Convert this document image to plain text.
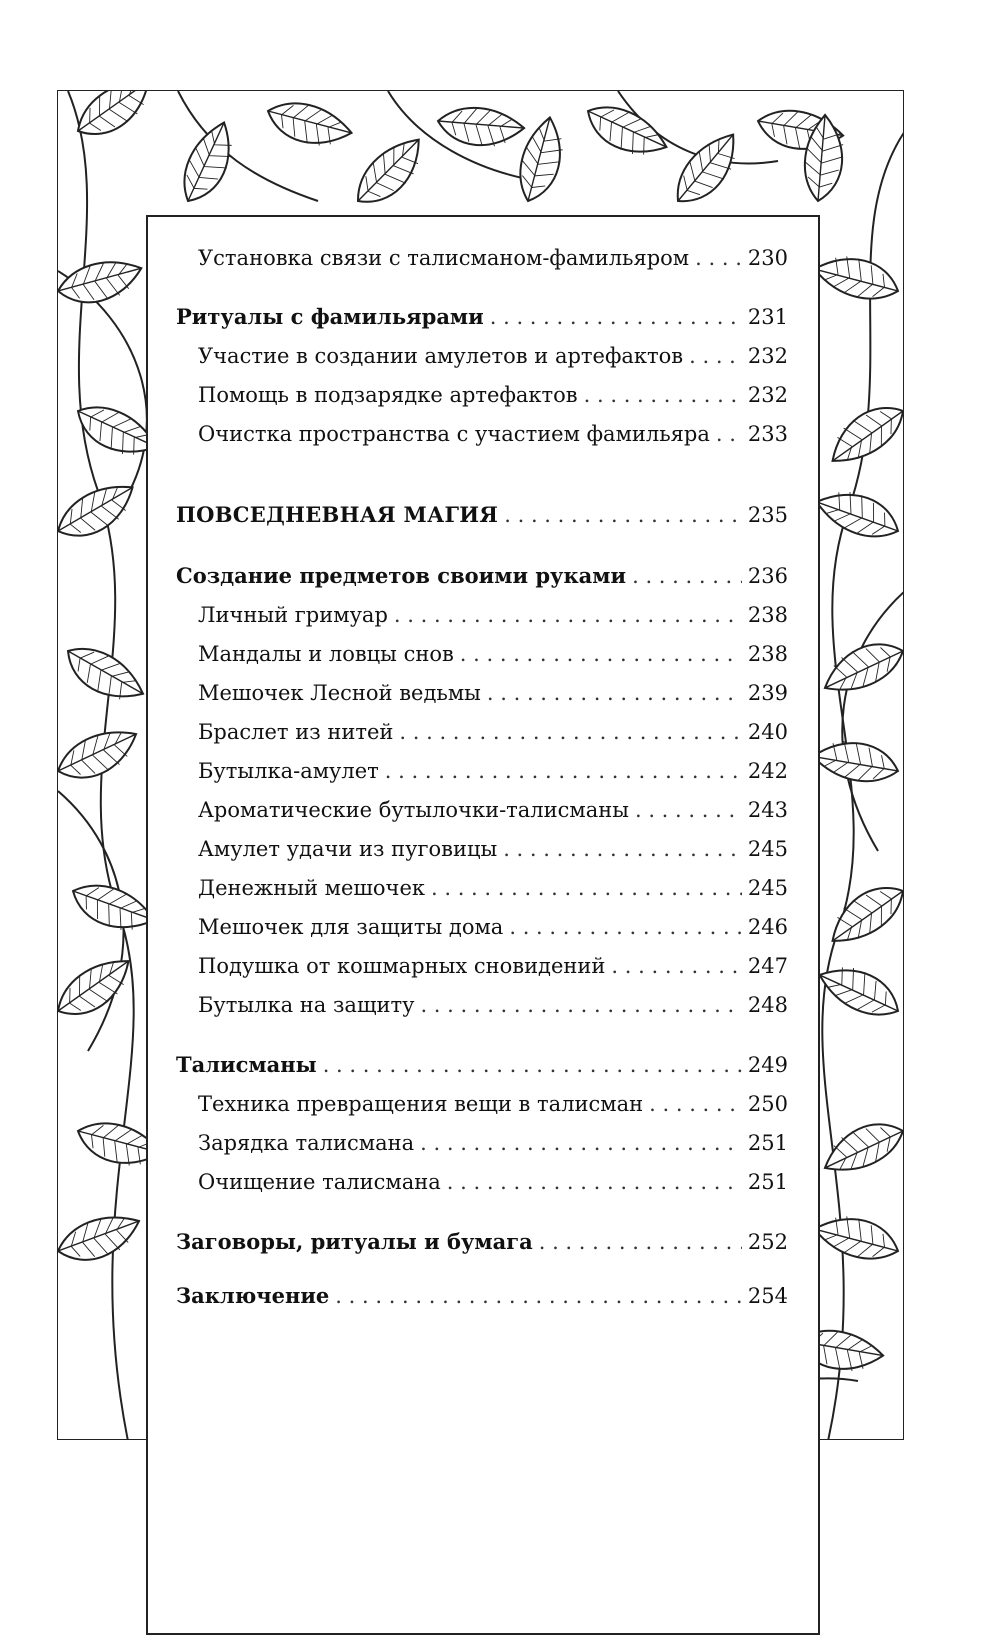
Установка связи с талисманом-фамильяром . . .	230
Ритуалы с фамильярами . . .	231
Участие в создании амулетов и артефактов . . .	232
Помощь в подзарядке артефактов . . .	232
Очистка пространства с участием фамильяра . . . 233
ПОВСЕДНЕВНАЯ МАГИЯ . . .	235
Создание предметов своими руками . . .	236
Личный гримуар . . .	238
Мандалы и ловцы снов . . .	238
Мешочек Лесной ведьмы . . .	239
Браслет из нитей . . .	240
Бутылка-амулет . . .	242
Ароматические бутылочки-талисманы . . .	243
Амулет удачи из пуговицы . . .	245
Денежный мешочек . . .	245
Мешочек для защиты дома . . .	246
Подушка от кошмарных сновидений . . .	247
Бутылка на защиту . . .	248
Талисманы . . .	249
Техника превращения вещи в талисман . . .	250
Зарядка талисмана . . .	251
Очищение талисмана . . .	251
Заговоры, ритуалы и бумага . . .	252
Заключение . . .	254
